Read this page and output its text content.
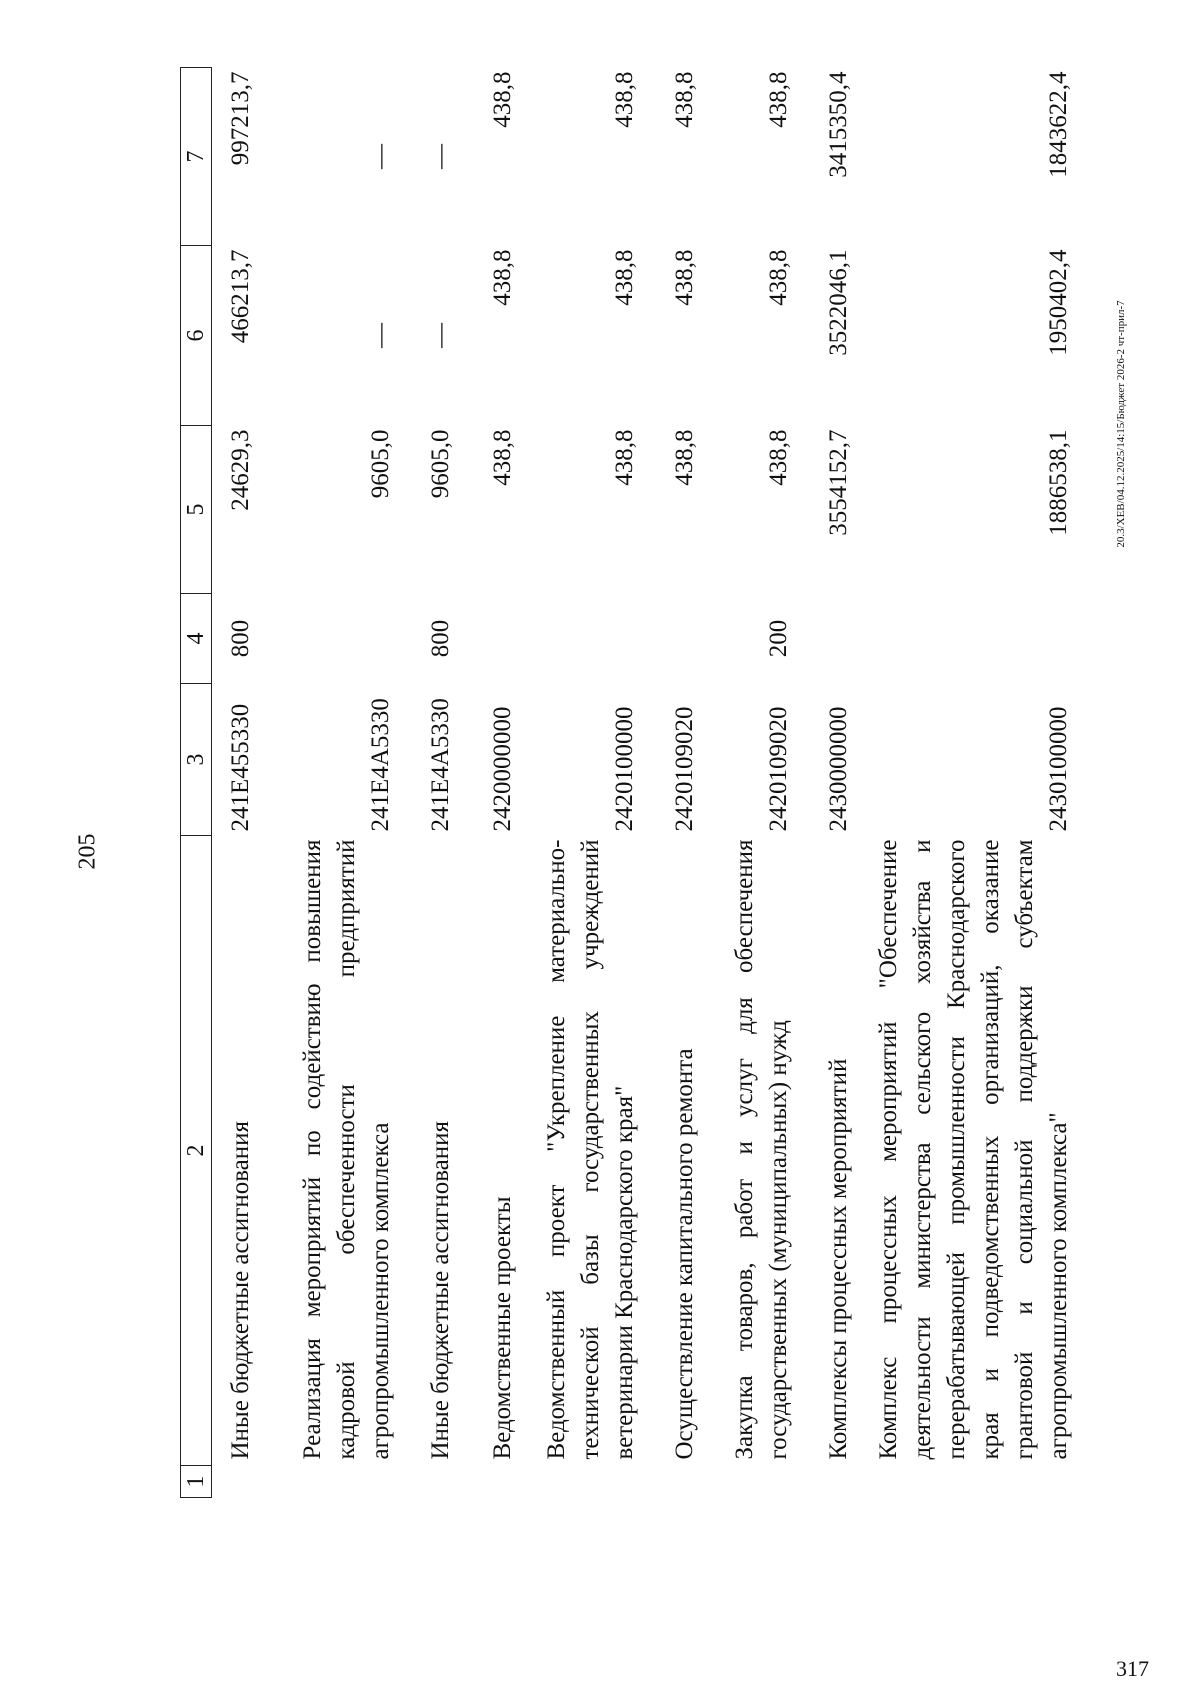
205
20.3/ХЕВ/04.12.2025/14:15/Бюджет 2026-2 чт-прил-7
317
1	2	3	4	5	6	7
	Иные бюджетные ассигнования	241E455330	800	24629,3	466213,7	997213,7
	Реализация мероприятий по содействию повышения кадровой обеспеченности предприятий агропромышленного комплекса	241E4A5330		9605,0	—	—
	Иные бюджетные ассигнования	241E4A5330	800	9605,0	—	—
	Ведомственные проекты	2420000000		438,8	438,8	438,8
	Ведомственный проект "Укрепление материально-технической базы государственных учреждений ветеринарии Краснодарского края"	2420100000		438,8	438,8	438,8
	Осуществление капитального ремонта	2420109020		438,8	438,8	438,8
	Закупка товаров, работ и услуг для обеспечения государственных (муниципальных) нужд	2420109020	200	438,8	438,8	438,8
	Комплексы процессных мероприятий	2430000000		3554152,7	3522046,1	3415350,4
	Комплекс процессных мероприятий "Обеспечение деятельности министерства сельского хозяйства и перерабатывающей промышленности Краснодарского края и подведомственных организаций, оказание грантовой и социальной поддержки субъектам агропромышленного комплекса"	2430100000		1886538,1	1950402,4	1843622,4
